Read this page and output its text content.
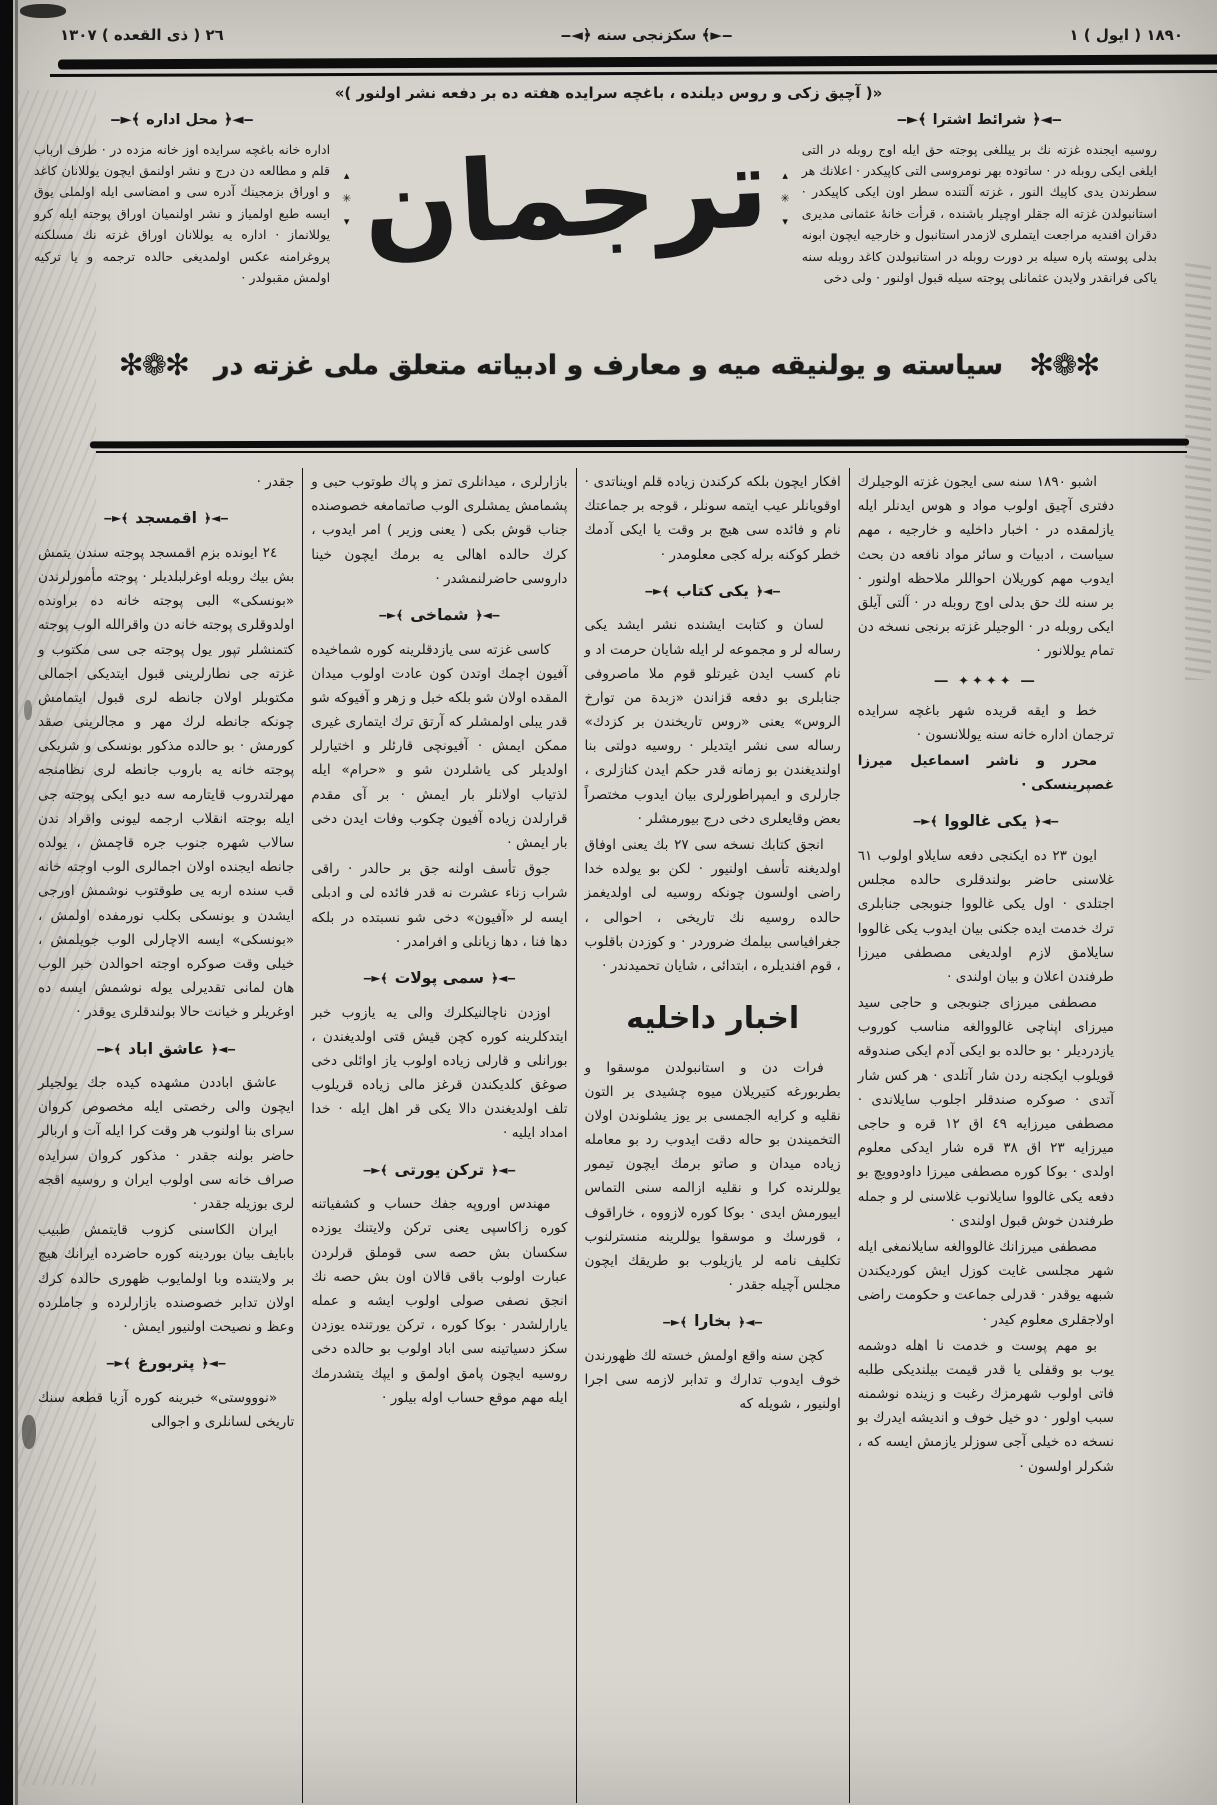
١٨٩٠ ( ايول ) ١
‒►﴾ سكزنجى سنه ﴿◄‒
٢٦ ( ذى القعده ) ١٣٠٧
«( آچيق زكى و روس ديلنده ، باغچه سرايده هفته ده بر دفعه نشر اولنور )»
‒►﴾ شرائط اشترا ﴿◄‒

روسيه ايجنده غزته نك بر ييللغى پوجته حق ايله اوج روبله در التى ايلغى ايكى روبله در · ساتوده بهر نومروسى التى كاپيكدر · اعلانك هر سطرندن يدى كاپيك النور ، غزته آلتنده سطر اون ايكى كاپيكدر · استانبولدن غزته اله جقلر اوچيلر باشنده ، قرأت خانهٔ عثمانى مديرى دقران افنديه مراجعت ايتملرى لازمدر استانبول و خارجيه ايچون ابونه بدلى پوسته پاره سيله بر دورت روبله در استانبولدن كاغد روبله سنه ياكى فرانقدر ولايدن عثمانلى پوجته سيله قبول اولنور · ولى دخى

▴
✳
▾
ترجمان
▴
✳
▾
‒►﴾ محل اداره ﴿◄‒

اداره خانه باغچه سرايده اوز خانه مزده در · طرف ارباب قلم و مطالعه دن درج و نشر اولنمق ايچون يوللانان كاغد و اوراق بزمجينك آدره سى و امضاسى ايله اولملى يوق ايسه طبع اولمياز و نشر اولنميان اوراق پوجته ايله كرو يوللانماز · اداره يه يوللانان اوراق غزته نك مسلكنه پروغرامنه عكس اولمديغى حالده ترجمه و يا تركيه اولمش مقبولدر ·

✻❁✻
سياسته و يولنيقه ميه و معارف و ادبياته متعلق ملى غزته در
✻❁✻

اشبو ١٨٩٠ سنه سى ايجون غزته الوجيلرك دفترى آچيق اولوب مواد و هوس ايدنلر ايله يازلمقده در · اخبار داخليه و خارجيه ، مهم سياست ، ادبيات و سائر مواد نافعه دن بحث ايدوب مهم كوريلان احواللر ملاحظه اولنور · بر سنه لك حق بدلى اوج روبله در · آلتى آيلق ايكى روبله در · الوجيلر غزته برنجى نسخه دن تمام يوللانور ·

― ✦✦✦✦ ―

خط و ايقه قريده شهر باغچه سرايده ترجمان اداره خانه سنه يوللانسون ·

محرر و ناشر اسماعيل ميرزا غصپرينسكى ·

‒►﴾ يكى غالووا ﴿◄‒

ايون ٢٣ ده ايكنجى دفعه سايلاو اولوب ٦١ غلاسنى حاضر بولندقلرى حالده مجلس اجتلدى · اول يكى غالووا جنوبجى جنابلرى ترك خدمت ايده جكنى بيان ايدوب يكى غالووا سايلامق لازم اولديغى مصطفى ميرزا طرفندن اعلان و بيان اولندى ·

مصطفى ميرزاى جنوبجى و حاجى سيد ميرزاى اپناچى غالووالغه مناسب كوروب يازدرديلر · بو حالده بو ايكى آدم ايكى صندوقه قويلوب ايكجنه ردن شار آتلدى · هر كس شار آتدى · صوكره صندقلر اجلوب سايلاندى · مصطفى ميرزايه ٤٩ اق ١٢ قره و حاجى ميرزايه ٢٣ اق ٣٨ قره شار ايدكى معلوم اولدى · بوكا كوره مصطفى ميرزا داودوويچ بو دفعه يكى غالووا سايلانوب غلاسنى لر و جمله طرفندن خوش قبول اولندى ·

مصطفى ميرزانك غالووالغه سايلانمغى ايله شهر مجلسى غايت كوزل ايش كورديكندن شبهه يوقدر · قدرلى جماعت و حكومت راضى اولاجقلرى معلوم كيدر ·

بو مهم پوست و خدمت نا اهله دوشمه يوب بو وقفلى يا قدر قيمت بيلنديكى طلبه فاتى اولوب شهرمزك رغبت و زينده نوشمنه سبب اولور · دو خيل خوف و انديشه ايدرك بو نسخه ده خيلى آجى سوزلر يازمش ايسه كه ، شكرلر اولسون ·

افكار ايچون بلكه كركندن زياده قلم اويناتدى · اوقويانلر عيب ايتمه سونلر ، قوجه بر جماعتك نام و فائده سى هيچ بر وقت يا ايكى آدمك خطر كوكنه برله كجى معلومدر ·

‒►﴾ يكى كتاب ﴿◄‒

لسان و كتابت ايشنده نشر ايشد يكى رساله لر و مجموعه لر ايله شايان حرمت اد و نام كسب ايدن غيرتلو قوم ملا ماصروفى جنابلرى بو دفعه قزاندن «زبدة من توارخ الروس» يعنى «روس تاريخندن بر كزدك» رساله سى نشر ايتديلر · روسيه دولتى بنا اولنديغندن بو زمانه قدر حكم ايدن كنازلرى ، جارلرى و ايمپراطورلرى بيان ايدوب مختصراً بعض وقايعلرى دخى درج بيورمشلر ·

انجق كتابك نسخه سى ٢٧ بك يعنى اوفاق اولديغنه تأسف اولنيور · لكن بو يولده خدا راضى اولسون چونكه روسيه لى اولديغمز حالده روسيه نك تاريخى ، احوالى ، جغرافياسى بيلمك ضروردر · و كوزدن باقلوب ، قوم افنديلره ، ابتدائى ، شايان تحميدندر ·

اخبار داخليه

فرات دن و استانبولدن موسقوا و بطربورغه كتيريلان ميوه چشيدى بر التون نقليه و كرايه الجمسى بر يوز يشلوندن اولان التخميندن بو حاله دقت ايدوب رد بو معامله زياده ميدان و صاتو برمك ايچون تيمور يوللرنده كرا و نقليه ازالمه سنى التماس اييورمش ايدى · بوكا كوره لازووه ، خاراقوف ، قورسك و موسقوا يوللرينه منسترلنوب تكليف نامه لر يازيلوب بو طريقك ايچون مجلس آچيله جقدر ·

‒►﴾ بخارا ﴿◄‒

كچن سنه واقع اولمش خسته لك ظهورندن خوف ايدوب تدارك و تدابر لازمه سى اجرا اولنيور ، شويله كه

بازارلرى ، ميدانلرى تمز و پاك طوتوب حبى و پشمامش يمشلرى الوب صاتمامغه خصوصنده جناب قوش بكى ( يعنى وزير ) امر ايدوب ، كرك حالده اهالى يه برمك ايچون خينا داروسى حاضرلنمشدر ·

‒►﴾ شماخى ﴿◄‒

كاسى غزته سى يازدقلرينه كوره شماخيده آفيون اچمك اوتدن كون عادت اولوب ميدان المقده اولان شو بلكه خبل و زهر و آفيوكه شو قدر يبلى اولمشلر كه آرتق ترك ايتمارى غيرى ممكن ايمش · آفيونچى قارئلر و اختيارلر اولديلر كى ياشلردن شو و «حرام» ايله لذتياب اولانلر بار ايمش · بر آى مقدم قرارلدن زياده آفيون چكوب وفات ايدن دخى بار ايمش ·

جوق تأسف اولنه جق بر حالدر · راقى شراب زناء عشرت نه قدر فائده لى و ادبلى ايسه لر «آفيون» دخى شو نسبتده در بلكه دها فنا ، دها زيانلى و افرامدر ·

‒►﴾ سمى پولات ﴿◄‒

اوزدن ناچالنيكلرك والى يه يازوب خبر ايتدكلرينه كوره كچن قيش قتى اولديغندن ، بورانلى و قارلى زياده اولوب ياز اوائلى دخى صوغق كلديكندن قرغز مالى زياده قريلوب تلف اولديغندن دالا يكى قر اهل ايله · خدا امداد ايليه ·

‒►﴾ تركن يورتى ﴿◄‒

مهندس اوروپه جفك حساب و كشفياتنه كوره زاكاسپى يعنى تركن ولايتنك يوزده سكسان بش حصه سى قوملق قرلردن عبارت اولوب باقى قالان اون بش حصه نك انجق نصفى صولى اولوب ايشه و عمله يارارلشدر · بوكا كوره ، تركن يورتنده يوزدن سكز دسياتينه سى اباد اولوب بو حالده دخى روسيه ايچون پامق اولمق و ايپك يتشدرمك ايله مهم موقع حساب اوله بيلور ·

جقدر ·

‒►﴾ اقمسجد ﴿◄‒

٢٤ ايونده بزم اقمسجد پوجته سندن يتمش بش بيك روبله اوغرلبلديلر · پوجته مأمورلرندن «بونسكى» البى پوجته خانه ده براونده اولدوقلرى پوجته خانه دن واقرالله الوب پوجته كتمنشلر تپور يول پوجته جى سى مكتوب و غزته جى نطارلرينى قبول ايتديكى اجمالى مكتوبلر اولان جانطه لرى قبول ايتمامش چونكه جانطه لرك مهر و مجالرينى صقد كورمش · بو حالده مذكور بونسكى و شريكى پوجته خانه يه باروب جانطه لرى نظامنجه مهرلتدروب قايتارمه سه ديو ايكى پوجته جى ايله بوجته انقلاب ارجمه ليونى واقراد ندن سالاب شهره جنوب جره قاچمش ، يولده جانطه ايجنده اولان اجمالرى الوب اوجته خانه قب سنده اربه يى طوقتوب نوشمش اورجى ايشدن و بونسكى بكلب نورمفده اولمش ، «بونسكى» ايسه الاچارلى الوب جويلمش ، خيلى وقت صوكره اوجته احوالدن خبر الوب هان لمانى تقديرلى يوله نوشمش ايسه ده اوغريلر و خيانت حالا بولندقلرى يوقدر ·

‒►﴾ عاشق اباد ﴿◄‒

عاشق اباددن مشهده كيده جك يولجيلر ايچون والى رخصتى ايله مخصوص كروان سراى بنا اولنوب هر وقت كرا ايله آت و اربالر حاضر بولنه جقدر · مذكور كروان سرايده صراف خانه سى اولوب ايران و روسيه اقجه لرى بوزيله جقدر ·

ايران الكاسنى كزوب قايتمش طبيب بابايف بيان بوردينه كوره حاضرده ايرانك هيچ بر ولايتنده وبا اولمايوب ظهورى حالده كرك اولان تدابر خصوصنده بازارلرده و جاملرده وعظ و نصيحت اولنيور ايمش ·

‒►﴾ پتربورغ ﴿◄‒

«نوووستى» خبرينه كوره آزيا قطعه سنك تاريخى لسانلرى و اجوالى
